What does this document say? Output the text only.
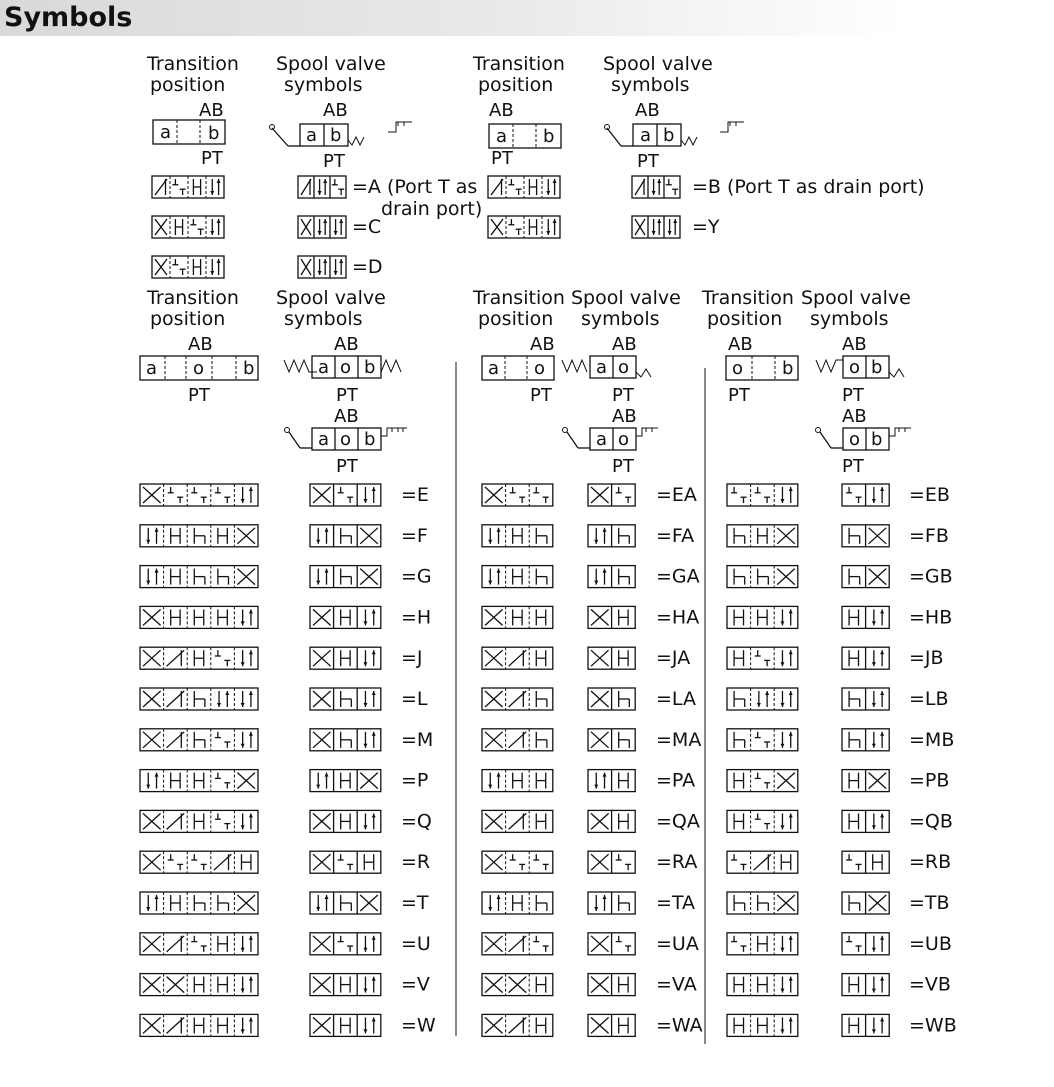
Symbols
Transition
position
Spool valve
symbols
Transition
position
Spool valve
symbols
AB
PT
a b
AB
PT
a b
AB
PT
a b
AB
PT
a b
=A (Port T as
drain port)
=C
=D
=B (Port T as drain port)
=Y
Transition
position
Spool valve
symbols
Transition
position
Spool valve
symbols
Transition
position
Spool valve
symbols
AB
PT
a o b
AB
PT
AB
PT
a o b
a o b
AB
PT
a o
AB
PT
AB
PT
a o
a o
AB
PT
o b
AB
PT
AB
PT
o b
o b
=E	=EA	=EB
=F	=FA	=FB
=G	=GA	=GB
=H	=HA	=HB
=J	=JA	=JB
=L	=LA	=LB
=M	=MA	=MB
=P	=PA	=PB
=Q	=QA	=QB
=R	=RA	=RB
=T	=TA	=TB
=U	=UA	=UB
=V	=VA	=VB
=W	=WA	=WB
